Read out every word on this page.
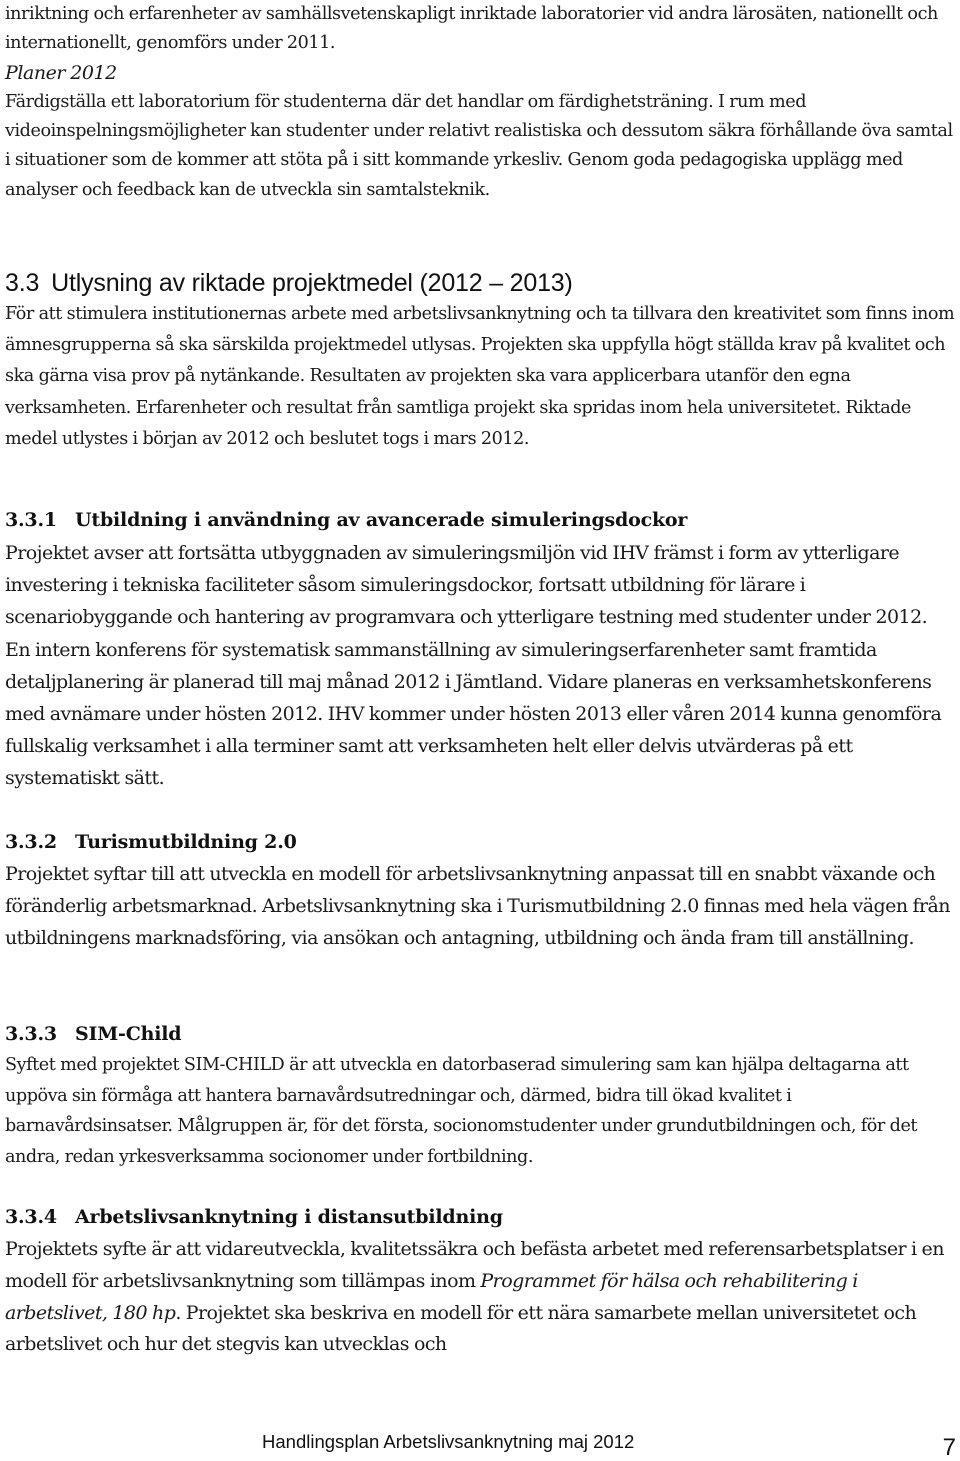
inriktning och erfarenheter av samhällsvetenskapligt inriktade laboratorier vid andra lärosäten, nationellt och internationellt, genomförs under 2011.

Planer 2012

Färdigställa ett laboratorium för studenterna där det handlar om färdighetsträning. I rum med videoinspelningsmöjligheter kan studenter under relativt realistiska och dessutom säkra förhållande öva samtal i situationer som de kommer att stöta på i sitt kommande yrkesliv. Genom goda pedagogiska upplägg med analyser och feedback kan de utveckla sin samtalsteknik.

3.3 Utlysning av riktade projektmedel (2012 – 2013)

För att stimulera institutionernas arbete med arbetslivsanknytning och ta tillvara den kreativitet som finns inom ämnesgrupperna så ska särskilda projektmedel utlysas. Projekten ska uppfylla högt ställda krav på kvalitet och ska gärna visa prov på nytänkande. Resultaten av projekten ska vara applicerbara utanför den egna verksamheten. Erfarenheter och resultat från samtliga projekt ska spridas inom hela universitetet. Riktade medel utlystes i början av 2012 och beslutet togs i mars 2012.

3.3.1 Utbildning i användning av avancerade simuleringsdockor

Projektet avser att fortsätta utbyggnaden av simuleringsmiljön vid IHV främst i form av ytterligare investering i tekniska faciliteter såsom simuleringsdockor, fortsatt utbildning för lärare i scenariobyggande och hantering av programvara och ytterligare testning med studenter under 2012. En intern konferens för systematisk sammanställning av simuleringserfarenheter samt framtida detaljplanering är planerad till maj månad 2012 i Jämtland. Vidare planeras en verksamhetskonferens med avnämare under hösten 2012. IHV kommer under hösten 2013 eller våren 2014 kunna genomföra fullskalig verksamhet i alla terminer samt att verksamheten helt eller delvis utvärderas på ett systematiskt sätt.

3.3.2 Turismutbildning 2.0

Projektet syftar till att utveckla en modell för arbetslivsanknytning anpassat till en snabbt växande och föränderlig arbetsmarknad. Arbetslivsanknytning ska i Turismutbildning 2.0 finnas med hela vägen från utbildningens marknadsföring, via ansökan och antagning, utbildning och ända fram till anställning.

3.3.3 SIM-Child

Syftet med projektet SIM-CHILD är att utveckla en datorbaserad simulering sam kan hjälpa deltagarna att uppöva sin förmåga att hantera barnavårdsutredningar och, därmed, bidra till ökad kvalitet i barnavårdsinsatser. Målgruppen är, för det första, socionomstudenter under grundutbildningen och, för det andra, redan yrkesverksamma socionomer under fortbildning.

3.3.4 Arbetslivsanknytning i distansutbildning

Projektets syfte är att vidareutveckla, kvalitetssäkra och befästa arbetet med referensarbetsplatser i en modell för arbetslivsanknytning som tillämpas inom Programmet för hälsa och rehabilitering i arbetslivet, 180 hp. Projektet ska beskriva en modell för ett nära samarbete mellan universitetet och arbetslivet och hur det stegvis kan utvecklas och

Handlingsplan Arbetslivsanknytning maj 2012	7
